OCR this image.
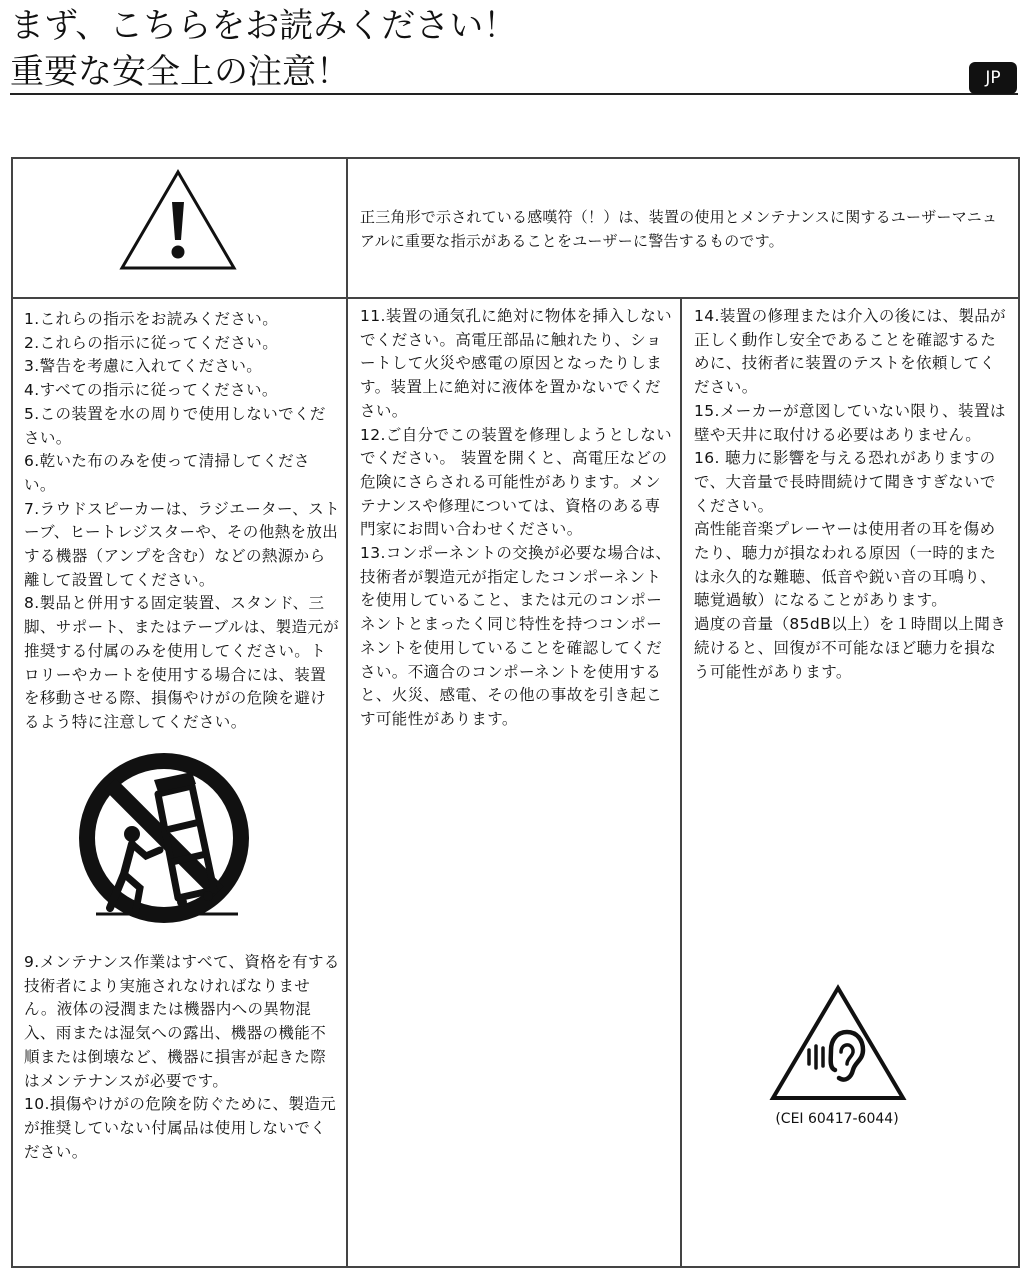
まず、こちらをお読みください！
重要な安全上の注意！	JP
正三角形で示されている感嘆符（！）は、装置の使用とメンテナンスに関するユーザーマニュアルに重要な指示があることをユーザーに警告するものです。

1.これらの指示をお読みください。

2.これらの指示に従ってください。

3.警告を考慮に入れてください。

4.すべての指示に従ってください。

5.この装置を水の周りで使用しないでください。

6.乾いた布のみを使って清掃してください。

7.ラウドスピーカーは、ラジエーター、ストーブ、ヒートレジスターや、その他熱を放出する機器（アンプを含む）などの熱源から離して設置してください。

8.製品と併用する固定装置、スタンド、三脚、サポート、またはテーブルは、製造元が推奨する付属のみを使用してください。トロリーやカートを使用する場合には、装置を移動させる際、損傷やけがの危険を避けるよう特に注意してください。

9.メンテナンス作業はすべて、資格を有する技術者により実施されなければなりません。液体の浸潤または機器内への異物混入、雨または湿気への露出、機器の機能不順または倒壊など、機器に損害が起きた際はメンテナンスが必要です。

10.損傷やけがの危険を防ぐために、製造元が推奨していない付属品は使用しないでください。

11.装置の通気孔に絶対に物体を挿入しないでください。高電圧部品に触れたり、ショートして火災や感電の原因となったりします。装置上に絶対に液体を置かないでください。

12.ご自分でこの装置を修理しようとしないでください。 装置を開くと、高電圧などの危険にさらされる可能性があります。メンテナンスや修理については、資格のある専門家にお問い合わせください。

13.コンポーネントの交換が必要な場合は、技術者が製造元が指定したコンポーネントを使用していること、または元のコンポーネントとまったく同じ特性を持つコンポーネントを使用していることを確認してください。不適合のコンポーネントを使用すると、火災、感電、その他の事故を引き起こす可能性があります。

14.装置の修理または介入の後には、製品が正しく動作し安全であることを確認するために、技術者に装置のテストを依頼してください。

15.メーカーが意図していない限り、装置は 壁や天井に取付ける必要はありません。

16. 聴力に影響を与える恐れがありますので、大音量で長時間続けて聞きすぎないでください。

高性能音楽プレーヤーは使用者の耳を傷めたり、聴力が損なわれる原因（一時的または永久的な難聴、低音や鋭い音の耳鳴り、聴覚過敏）になることがあります。

過度の音量（85dB以上）を１時間以上聞き続けると、回復が不可能なほど聴力を損なう可能性があります。

(CEI 60417-6044)
